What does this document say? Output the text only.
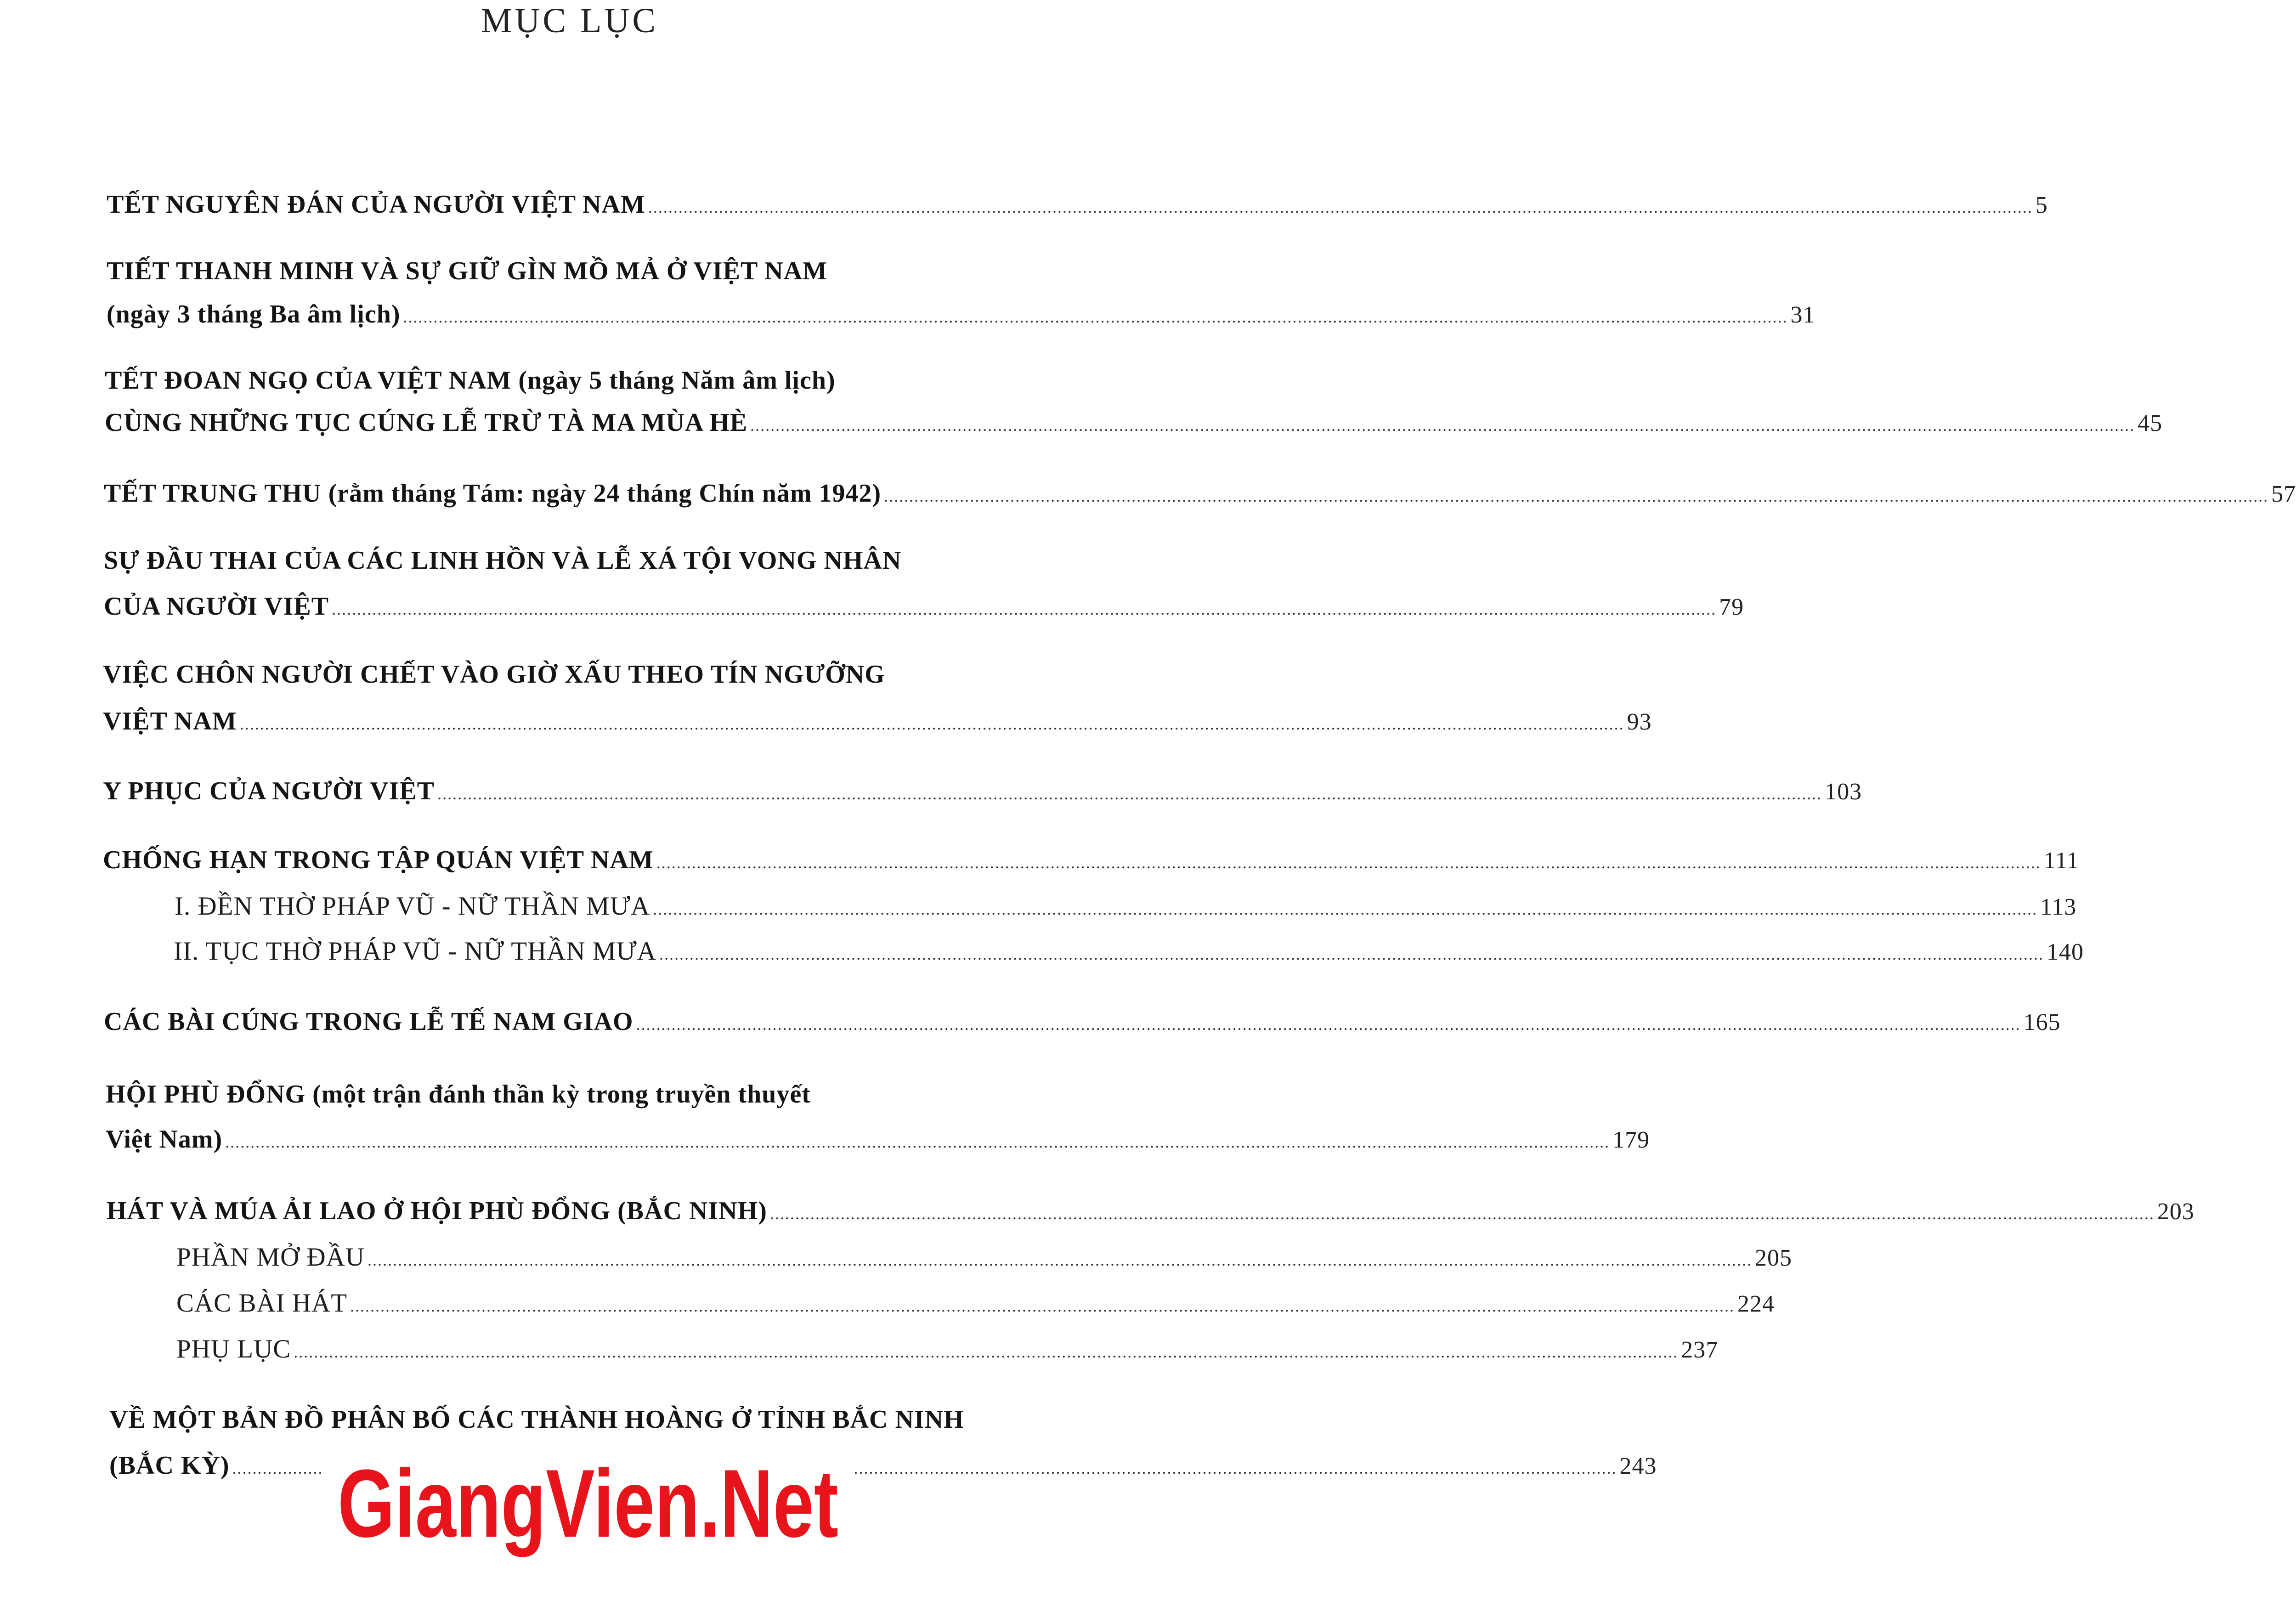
MỤC LỤC
TẾT NGUYÊN ĐÁN CỦA NGƯỜI VIỆT NAM .....	5
TIẾT THANH MINH VÀ SỰ GIỮ GÌN MỒ MẢ Ở VIỆT NAM
(ngày 3 tháng Ba âm lịch) .....	31
TẾT ĐOAN NGỌ CỦA VIỆT NAM (ngày 5 tháng Năm âm lịch)
CÙNG NHỮNG TỤC CÚNG LỄ TRỪ TÀ MA MÙA HÈ .....	45
TẾT TRUNG THU (rằm tháng Tám: ngày 24 tháng Chín năm 1942) .....	57
SỰ ĐẦU THAI CỦA CÁC LINH HỒN VÀ LỄ XÁ TỘI VONG NHÂN
CỦA NGƯỜI VIỆT .....	79
VIỆC CHÔN NGƯỜI CHẾT VÀO GIỜ XẤU THEO TÍN NGƯỠNG
VIỆT NAM .....	93
Y PHỤC CỦA NGƯỜI VIỆT .....	103
CHỐNG HẠN TRONG TẬP QUÁN VIỆT NAM .....	111
I. ĐỀN THỜ PHÁP VŨ - NỮ THẦN MƯA .....	113
II. TỤC THỜ PHÁP VŨ - NỮ THẦN MƯA .....	140
CÁC BÀI CÚNG TRONG LỄ TẾ NAM GIAO .....	165
HỘI PHÙ ĐỔNG (một trận đánh thần kỳ trong truyền thuyết
Việt Nam) .....	179
HÁT VÀ MÚA ẢI LAO Ở HỘI PHÙ ĐỔNG (BẮC NINH) .....	203
PHẦN MỞ ĐẦU .....	205
CÁC BÀI HÁT .....	224
PHỤ LỤC .....	237
VỀ MỘT BẢN ĐỒ PHÂN BỐ CÁC THÀNH HOÀNG Ở TỈNH BẮC NINH
(BẮC KỲ) .....	243
GiangVien.Net
